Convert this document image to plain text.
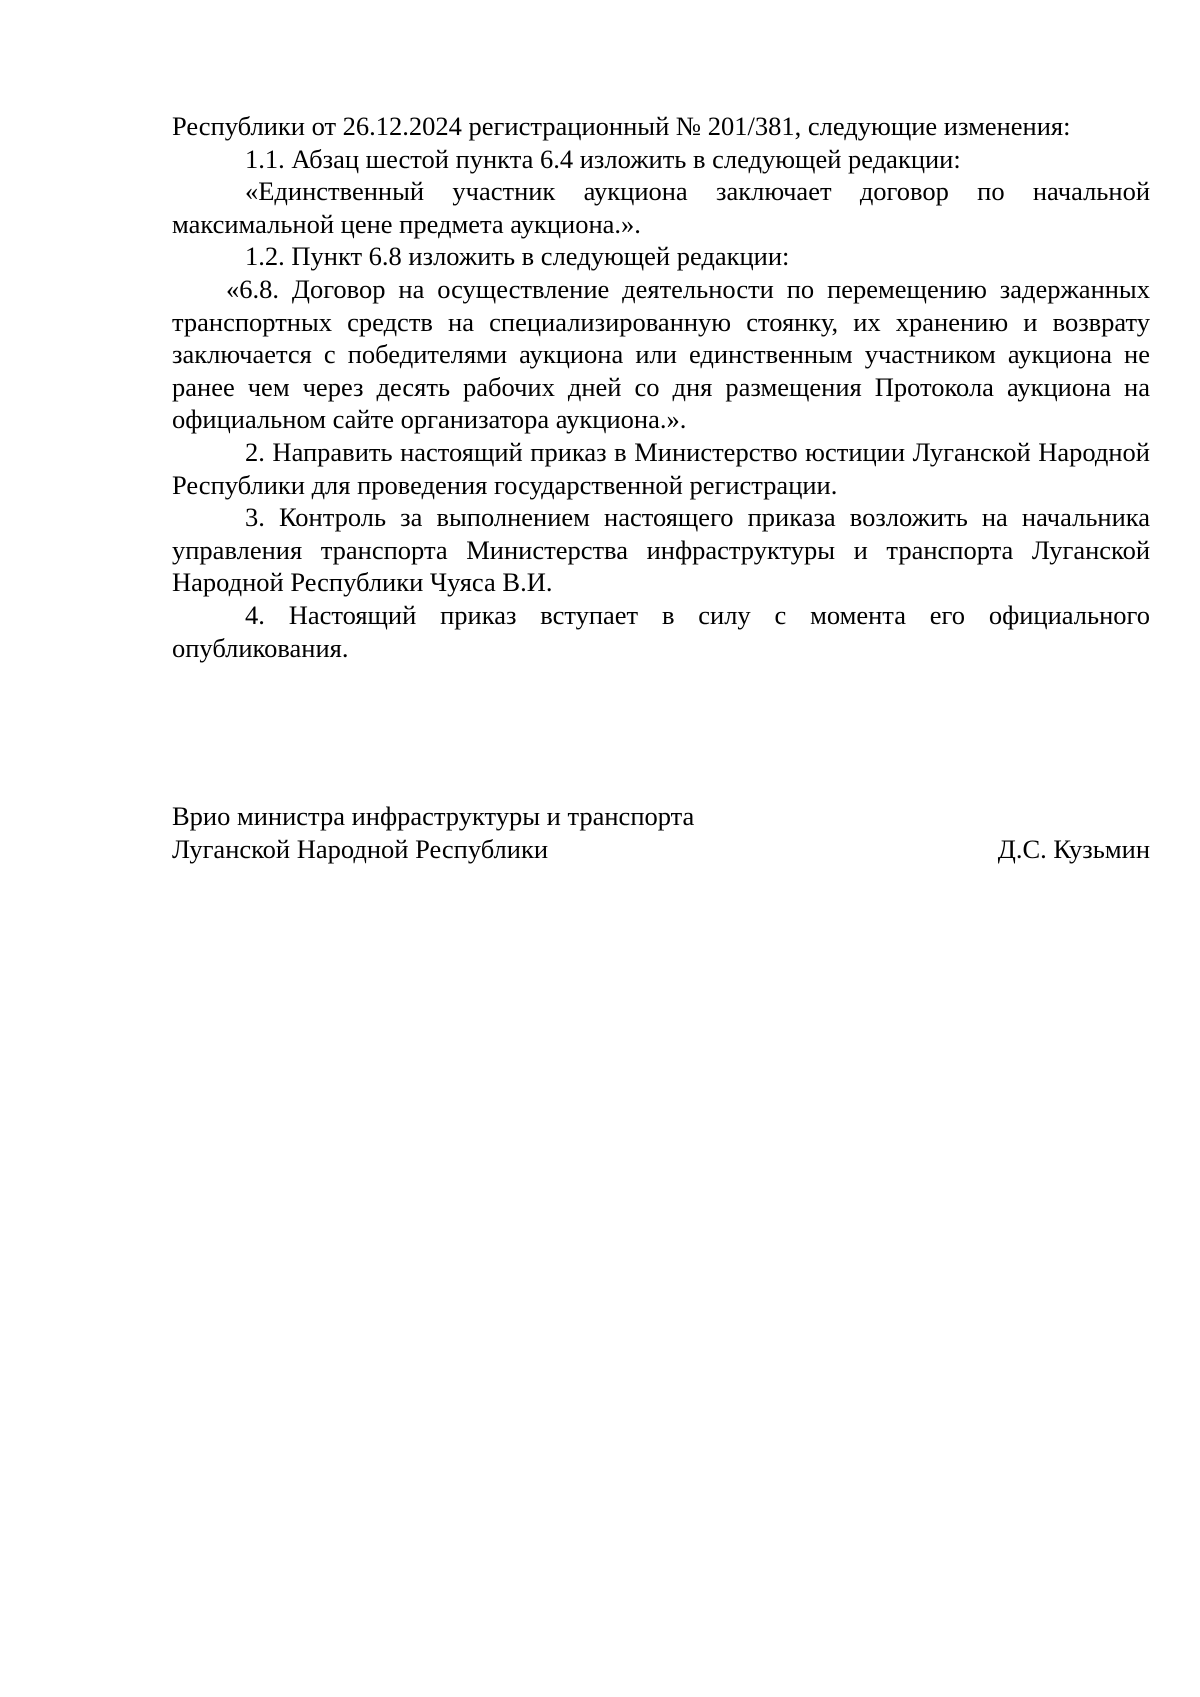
Республики от 26.12.2024 регистрационный № 201/381, следующие изменения:

1.1. Абзац шестой пункта 6.4 изложить в следующей редакции:

«Единственный участник аукциона заключает договор по начальной максимальной цене предмета аукциона.».

1.2. Пункт 6.8 изложить в следующей редакции:

«6.8. Договор на осуществление деятельности по перемещению задержанных транспортных средств на специализированную стоянку, их хранению и возврату заключается с победителями аукциона или единственным участником аукциона не ранее чем через десять рабочих дней со дня размещения Протокола аукциона на официальном сайте организатора аукциона.».

2. Направить настоящий приказ в Министерство юстиции Луганской Народной Республики для проведения государственной регистрации.

3. Контроль за выполнением настоящего приказа возложить на начальника управления транспорта Министерства инфраструктуры и транспорта Луганской Народной Республики Чуяса В.И.

4. Настоящий приказ вступает в силу с момента его официального опубликования.

Врио министра инфраструктуры и транспорта
Луганской Народной Республики	Д.С. Кузьмин
